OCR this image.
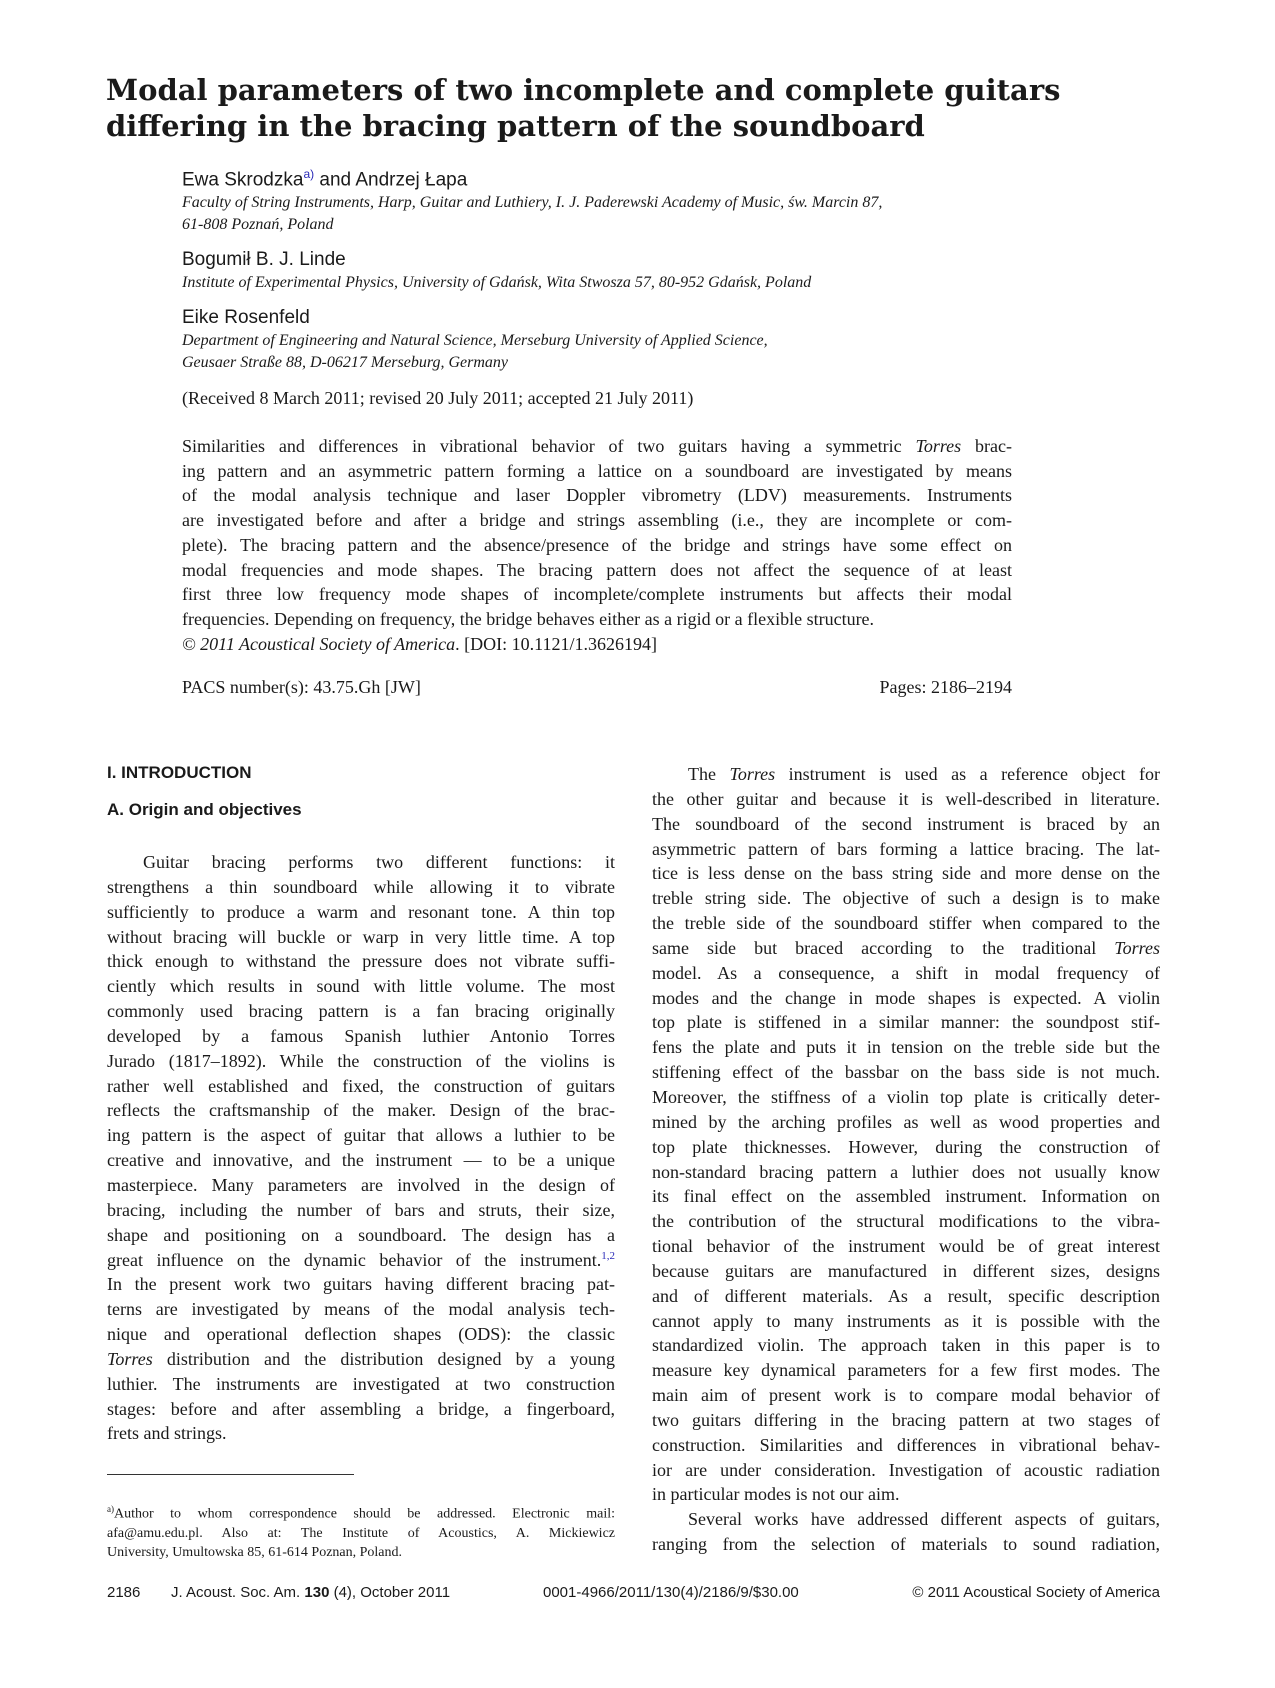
Modal parameters of two incomplete and complete guitars
differing in the bracing pattern of the soundboard
Ewa Skrodzka$^{a)}$ and Andrzej Łapa
Faculty of String Instruments, Harp, Guitar and Luthiery, I. J. Paderewski Academy of Music, św. Marcin 87,
61-808 Poznań, Poland
Bogumił B. J. Linde
Institute of Experimental Physics, University of Gdańsk, Wita Stwosza 57, 80-952 Gdańsk, Poland
Eike Rosenfeld
Department of Engineering and Natural Science, Merseburg University of Applied Science,
Geusaer Straße 88, D-06217 Merseburg, Germany
(Received 8 March 2011; revised 20 July 2011; accepted 21 July 2011)
Similarities and differences in vibrational behavior of two guitars having a symmetric Torres brac-
ing pattern and an asymmetric pattern forming a lattice on a soundboard are investigated by means
of the modal analysis technique and laser Doppler vibrometry (LDV) measurements. Instruments
are investigated before and after a bridge and strings assembling (i.e., they are incomplete or com-
plete). The bracing pattern and the absence/presence of the bridge and strings have some effect on
modal frequencies and mode shapes. The bracing pattern does not affect the sequence of at least
first three low frequency mode shapes of incomplete/complete instruments but affects their modal
frequencies. Depending on frequency, the bridge behaves either as a rigid or a flexible structure.
© 2011 Acoustical Society of America. [DOI: 10.1121/1.3626194]
PACS number(s): 43.75.Gh [JW]	Pages: 2186–2194
I. INTRODUCTION
A. Origin and objectives
Guitar bracing performs two different functions: it
strengthens a thin soundboard while allowing it to vibrate
sufficiently to produce a warm and resonant tone. A thin top
without bracing will buckle or warp in very little time. A top
thick enough to withstand the pressure does not vibrate suffi-
ciently which results in sound with little volume. The most
commonly used bracing pattern is a fan bracing originally
developed by a famous Spanish luthier Antonio Torres
Jurado (1817–1892). While the construction of the violins is
rather well established and fixed, the construction of guitars
reflects the craftsmanship of the maker. Design of the brac-
ing pattern is the aspect of guitar that allows a luthier to be
creative and innovative, and the instrument — to be a unique
masterpiece. Many parameters are involved in the design of
bracing, including the number of bars and struts, their size,
shape and positioning on a soundboard. The design has a
great influence on the dynamic behavior of the instrument.$^{1,2}$
In the present work two guitars having different bracing pat-
terns are investigated by means of the modal analysis tech-
nique and operational deflection shapes (ODS): the classic
Torres distribution and the distribution designed by a young
luthier. The instruments are investigated at two construction
stages: before and after assembling a bridge, a fingerboard,
frets and strings.
The Torres instrument is used as a reference object for
the other guitar and because it is well-described in literature.
The soundboard of the second instrument is braced by an
asymmetric pattern of bars forming a lattice bracing. The lat-
tice is less dense on the bass string side and more dense on the
treble string side. The objective of such a design is to make
the treble side of the soundboard stiffer when compared to the
same side but braced according to the traditional Torres
model. As a consequence, a shift in modal frequency of
modes and the change in mode shapes is expected. A violin
top plate is stiffened in a similar manner: the soundpost stif-
fens the plate and puts it in tension on the treble side but the
stiffening effect of the bassbar on the bass side is not much.
Moreover, the stiffness of a violin top plate is critically deter-
mined by the arching profiles as well as wood properties and
top plate thicknesses. However, during the construction of
non-standard bracing pattern a luthier does not usually know
its final effect on the assembled instrument. Information on
the contribution of the structural modifications to the vibra-
tional behavior of the instrument would be of great interest
because guitars are manufactured in different sizes, designs
and of different materials. As a result, specific description
cannot apply to many instruments as it is possible with the
standardized violin. The approach taken in this paper is to
measure key dynamical parameters for a few first modes. The
main aim of present work is to compare modal behavior of
two guitars differing in the bracing pattern at two stages of
construction. Similarities and differences in vibrational behav-
ior are under consideration. Investigation of acoustic radiation
in particular modes is not our aim.
Several works have addressed different aspects of guitars,
ranging from the selection of materials to sound radiation,
$^{a)}$Author to whom correspondence should be addressed. Electronic mail:
afa@amu.edu.pl. Also at: The Institute of Acoustics, A. Mickiewicz
University, Umultowska 85, 61-614 Poznan, Poland.
2186 J. Acoust. Soc. Am. 130 (4), October 2011	0001-4966/2011/130(4)/2186/9/$30.00	© 2011 Acoustical Society of America
